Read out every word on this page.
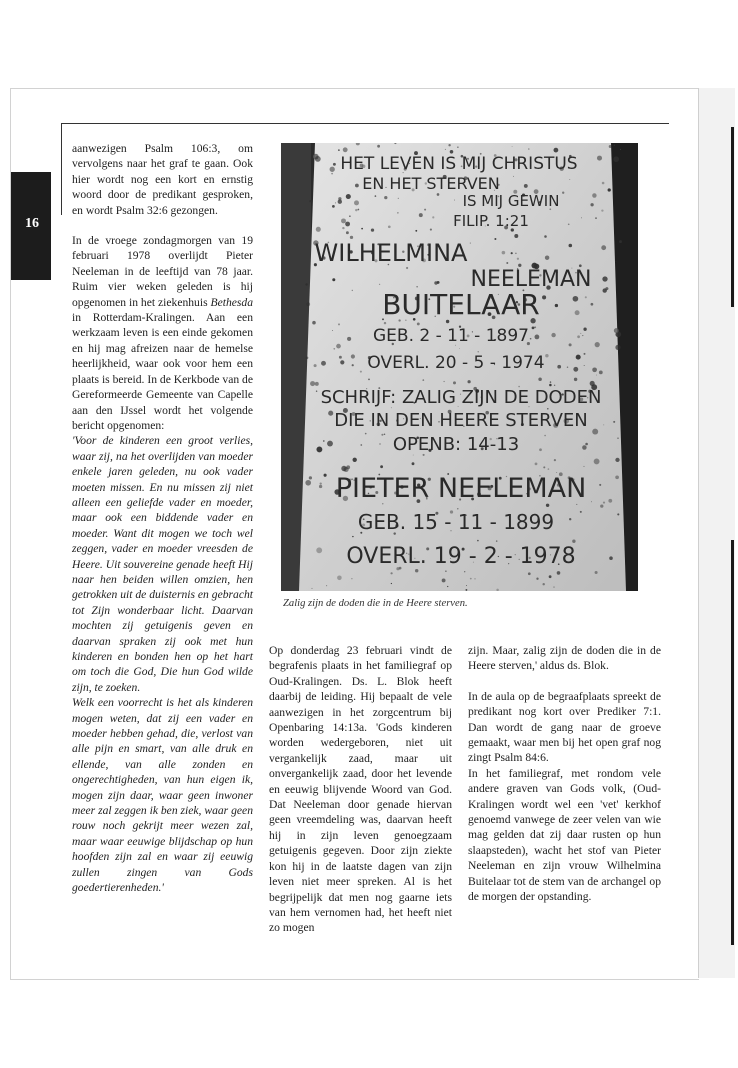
16

aanwezigen Psalm 106:3, om vervolgens naar het graf te gaan. Ook hier wordt nog een kort en ernstig woord door de predikant gesproken, en wordt Psalm 32:6 gezongen.

In de vroege zondagmorgen van 19 februari 1978 overlijdt Pieter Neeleman in de leeftijd van 78 jaar. Ruim vier weken geleden is hij opgenomen in het ziekenhuis Bethesda in Rotterdam-Kralingen. Aan een werkzaam leven is een einde gekomen en hij mag afreizen naar de hemelse heerlijkheid, waar ook voor hem een plaats is bereid. In de Kerkbode van de Gereformeerde Gemeente van Capelle aan den IJssel wordt het volgende bericht opgenomen:

'Voor de kinderen een groot verlies, waar zij, na het overlijden van moeder enkele jaren geleden, nu ook vader moeten missen. En nu missen zij niet alleen een geliefde vader en moeder, maar ook een biddende vader en moeder. Want dit mogen we toch wel zeggen, vader en moeder vreesden de Heere. Uit souvereine genade heeft Hij naar hen beiden willen omzien, hen getrokken uit de duisternis en gebracht tot Zijn wonderbaar licht. Daarvan mochten zij getuigenis geven en daarvan spraken zij ook met hun kinderen en bonden hen op het hart om toch die God, Die hun God wilde zijn, te zoeken.

Welk een voorrecht is het als kinderen mogen weten, dat zij een vader en moeder hebben gehad, die, verlost van alle pijn en smart, van alle druk en ellende, van alle zonden en ongerechtigheden, van hun eigen ik, mogen zijn daar, waar geen inwoner meer zal zeggen ik ben ziek, waar geen rouw noch gekrijt meer wezen zal, maar waar eeuwige blijdschap op hun hoofden zijn zal en waar zij eeuwig zullen zingen van Gods goedertierenheden.'

HET LEVEN IS MIJ CHRISTUS
EN HET STERVEN
IS MIJ GEWIN
FILIP. 1:21
WILHELMINA
NEELEMAN
BUITELAAR
GEB. 2 - 11 - 1897
OVERL. 20 - 5 - 1974
SCHRIJF: ZALIG ZIJN DE DODEN
DIE IN DEN HEERE STERVEN
OPENB: 14-13
PIETER NEELEMAN
GEB. 15 - 11 - 1899
OVERL. 19 - 2 - 1978
Zalig zijn de doden die in de Heere sterven.

Op donderdag 23 februari vindt de begrafenis plaats in het familiegraf op Oud-Kralingen. Ds. L. Blok heeft daarbij de leiding. Hij bepaalt de vele aanwezigen in het zorgcentrum bij Openbaring 14:13a. 'Gods kinderen worden wedergeboren, niet uit vergankelijk zaad, maar uit onvergankelijk zaad, door het levende en eeuwig blijvende Woord van God. Dat Neeleman door genade hiervan geen vreemdeling was, daarvan heeft hij in zijn leven genoegzaam getuigenis gegeven. Door zijn ziekte kon hij in de laatste dagen van zijn leven niet meer spreken. Al is het begrijpelijk dat men nog gaarne iets van hem vernomen had, het heeft niet zo mogen

zijn. Maar, zalig zijn de doden die in de Heere sterven,' aldus ds. Blok.

In de aula op de begraafplaats spreekt de predikant nog kort over Prediker 7:1. Dan wordt de gang naar de groeve gemaakt, waar men bij het open graf nog zingt Psalm 84:6.

In het familiegraf, met rondom vele andere graven van Gods volk, (Oud-Kralingen wordt wel een 'vet' kerkhof genoemd vanwege de zeer velen van wie mag gelden dat zij daar rusten op hun slaapsteden), wacht het stof van Pieter Neeleman en zijn vrouw Wilhelmina Buitelaar tot de stem van de archangel op de morgen der opstanding.
